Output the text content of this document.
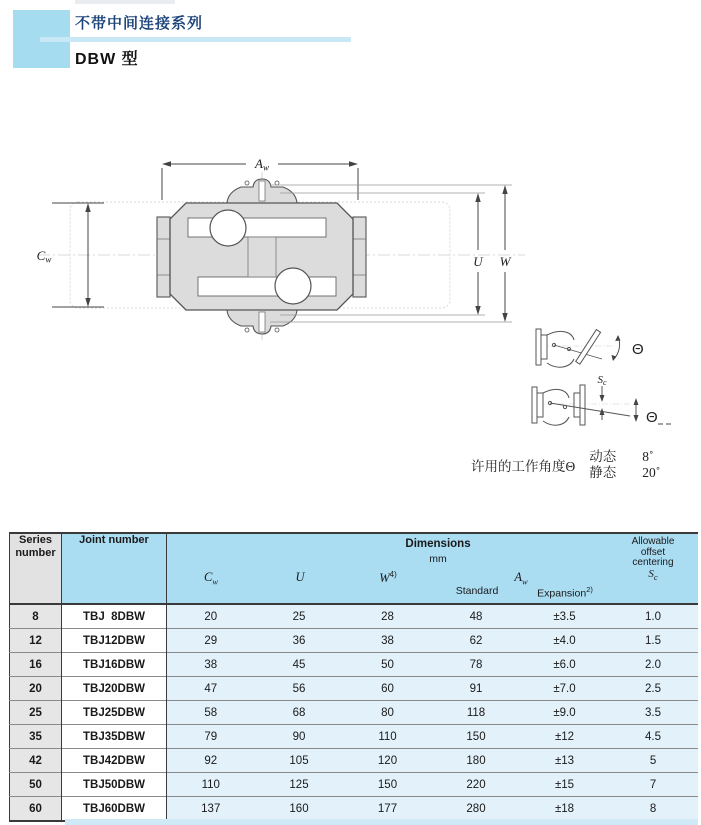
不带中间连接系列
DBW 型
Aw
Cw	U W
Θ
Sc
Θ
许用的工作角度Θ
动态 8˚
静态 20˚
Series
number
	Joint number	Dimensions
mm
$C_w$	U	$W^{4)}$	$A_w$
Standard	Expansion$^{2)}$
Allowable
offset
centering
$S_c$

8	TBJ  8DBW	20	25	28	48	±3.5	1.0
12	TBJ12DBW	29	36	38	62	±4.0	1.5
16	TBJ16DBW	38	45	50	78	±6.0	2.0
20	TBJ20DBW	47	56	60	91	±7.0	2.5
25	TBJ25DBW	58	68	80	118	±9.0	3.5
35	TBJ35DBW	79	90	110	150	±12	4.5
42	TBJ42DBW	92	105	120	180	±13	5
50	TBJ50DBW	110	125	150	220	±15	7
60	TBJ60DBW	137	160	177	280	±18	8
